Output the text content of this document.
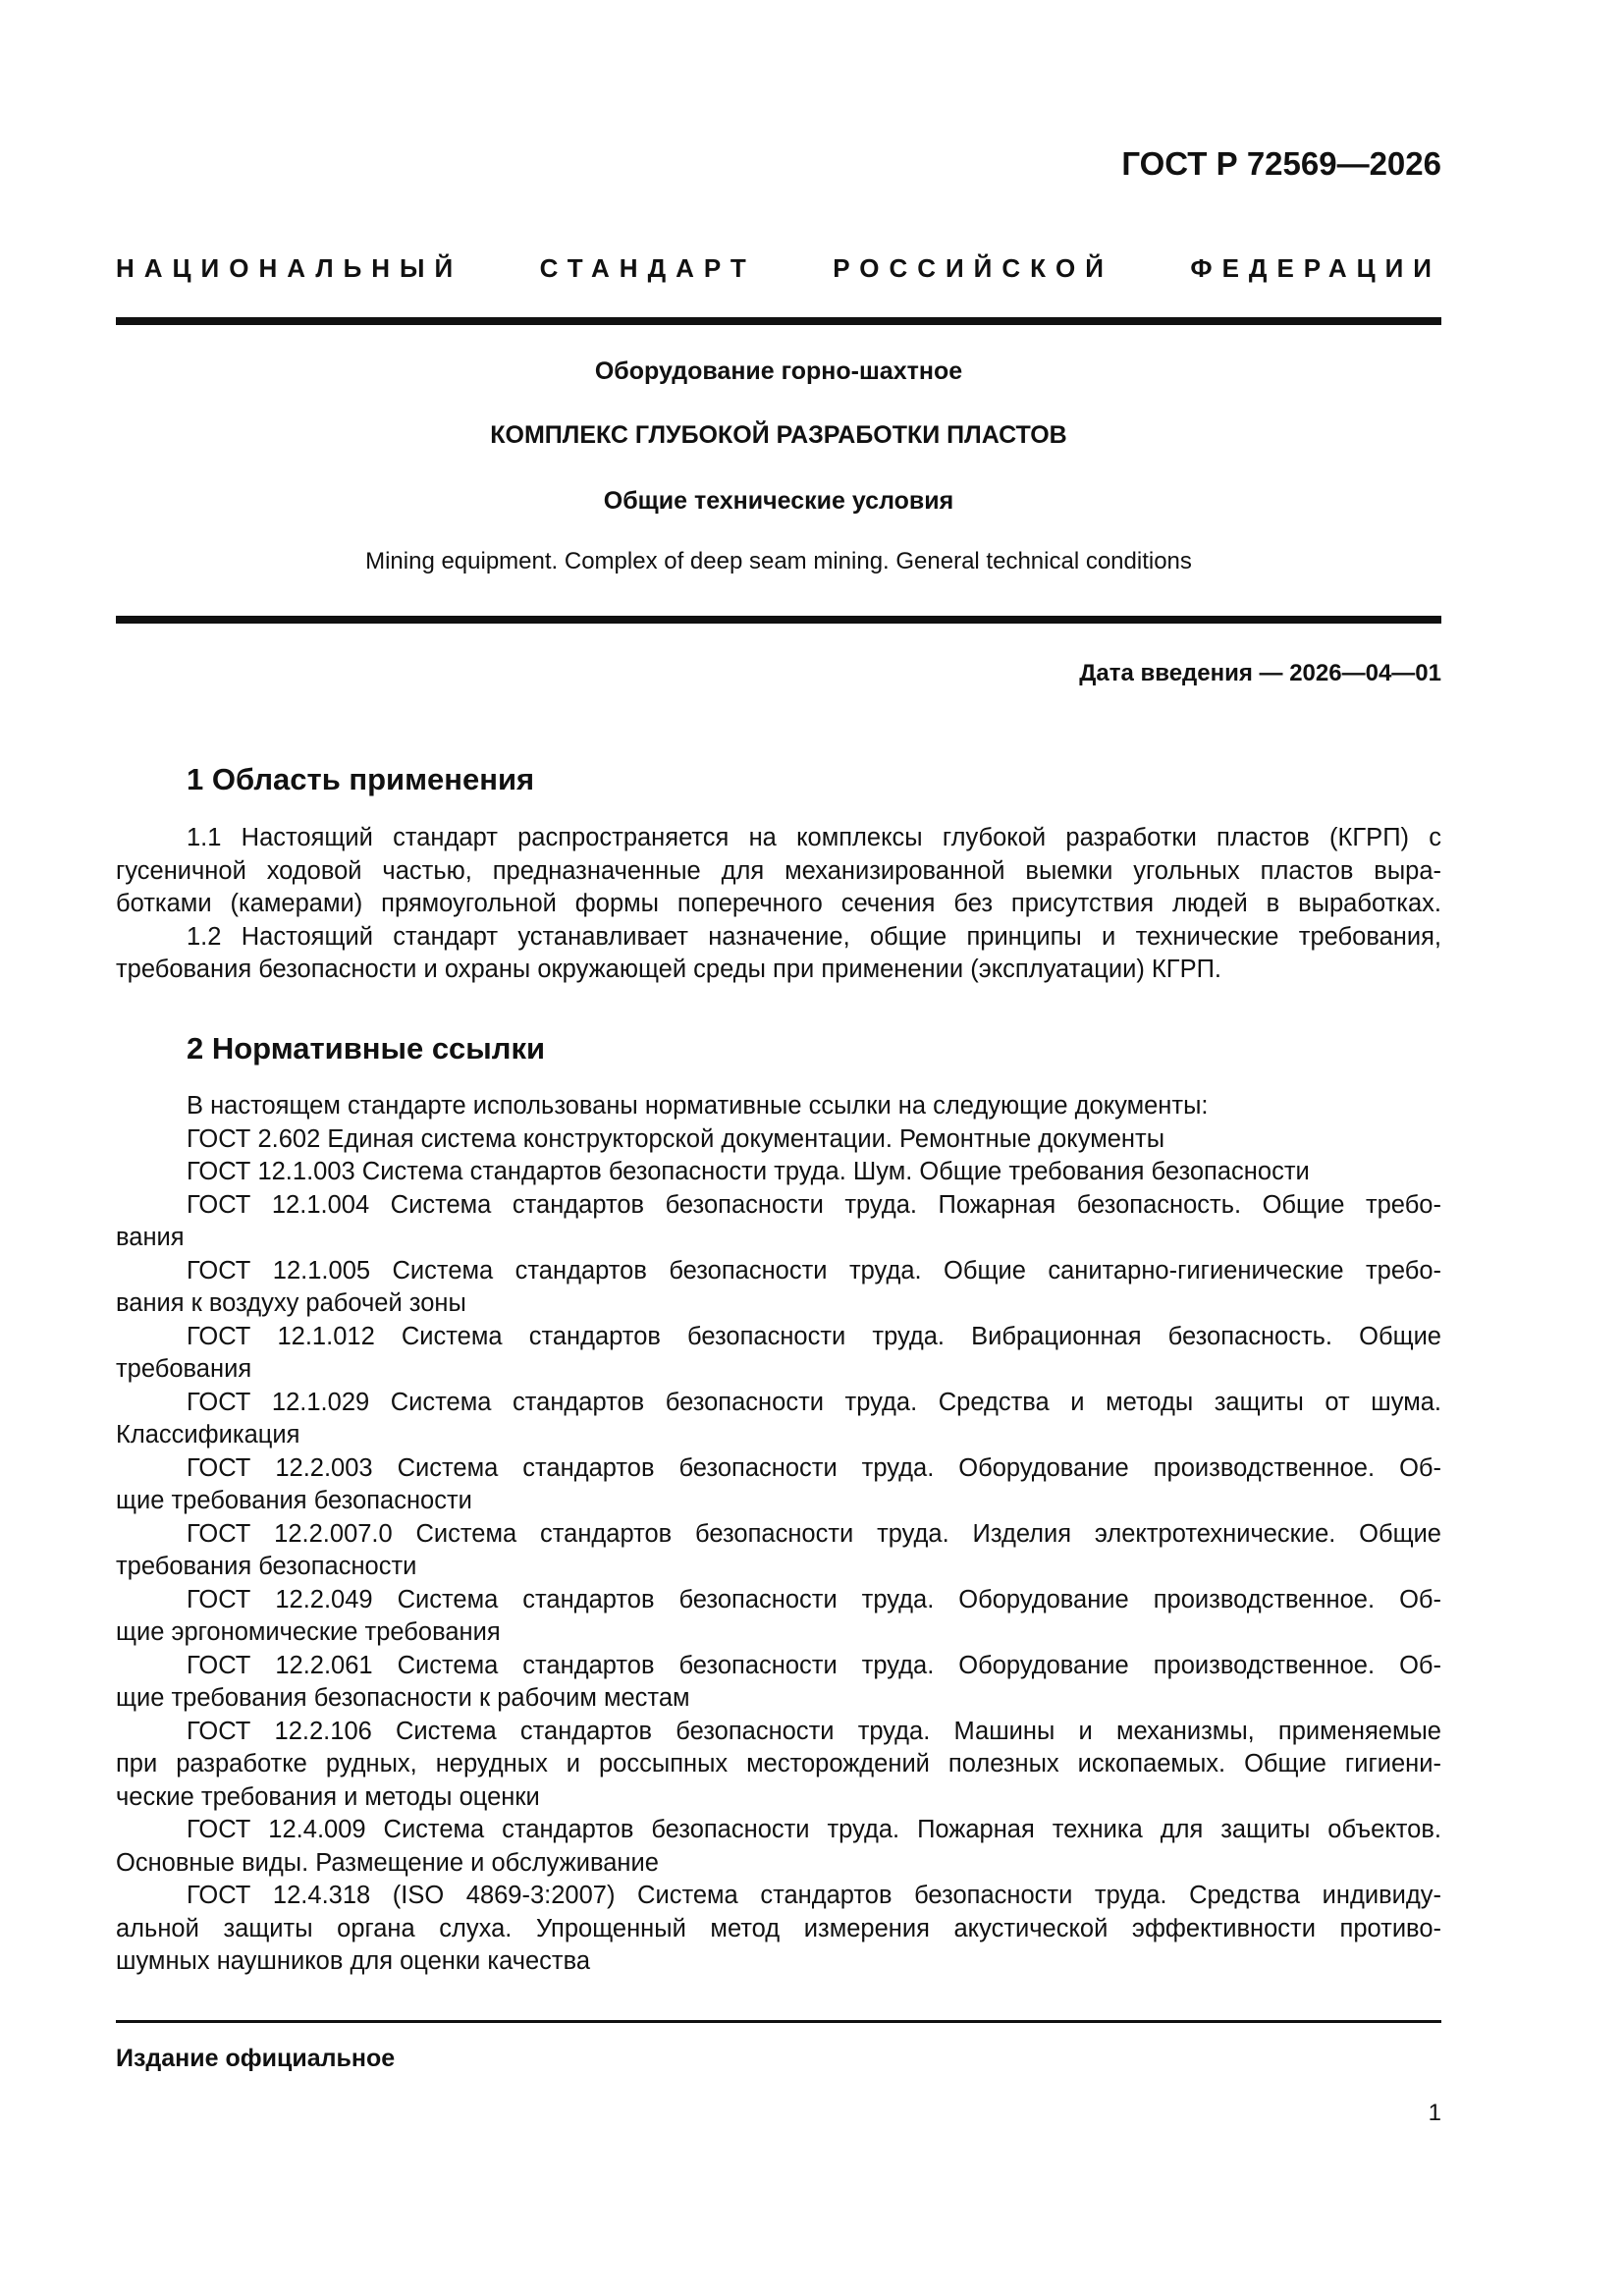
ГОСТ Р 72569—2026
НАЦИОНАЛЬНЫЙ СТАНДАРТ РОССИЙСКОЙ ФЕДЕРАЦИИ
Оборудование горно-шахтное
КОМПЛЕКС ГЛУБОКОЙ РАЗРАБОТКИ ПЛАСТОВ
Общие технические условия
Mining equipment. Complex of deep seam mining. General technical conditions
Дата введения — 2026—04—01
1 Область применения
1.1 Настоящий стандарт распространяется на комплексы глубокой разработки пластов (КГРП) с
гусеничной ходовой частью, предназначенные для механизированной выемки угольных пластов выра-
ботками (камерами) прямоугольной формы поперечного сечения без присутствия людей в выработках.
1.2 Настоящий стандарт устанавливает назначение, общие принципы и технические требования,
требования безопасности и охраны окружающей среды при применении (эксплуатации) КГРП.
2 Нормативные ссылки
В настоящем стандарте использованы нормативные ссылки на следующие документы:
ГОСТ 2.602 Единая система конструкторской документации. Ремонтные документы
ГОСТ 12.1.003 Система стандартов безопасности труда. Шум. Общие требования безопасности
ГОСТ 12.1.004 Система стандартов безопасности труда. Пожарная безопасность. Общие требо-
вания
ГОСТ 12.1.005 Система стандартов безопасности труда. Общие санитарно-гигиенические требо-
вания к воздуху рабочей зоны
ГОСТ 12.1.012 Система стандартов безопасности труда. Вибрационная безопасность. Общие
требования
ГОСТ 12.1.029 Система стандартов безопасности труда. Средства и методы защиты от шума.
Классификация
ГОСТ 12.2.003 Система стандартов безопасности труда. Оборудование производственное. Об-
щие требования безопасности
ГОСТ 12.2.007.0 Система стандартов безопасности труда. Изделия электротехнические. Общие
требования безопасности
ГОСТ 12.2.049 Система стандартов безопасности труда. Оборудование производственное. Об-
щие эргономические требования
ГОСТ 12.2.061 Система стандартов безопасности труда. Оборудование производственное. Об-
щие требования безопасности к рабочим местам
ГОСТ 12.2.106 Система стандартов безопасности труда. Машины и механизмы, применяемые
при разработке рудных, нерудных и россыпных месторождений полезных ископаемых. Общие гигиени-
ческие требования и методы оценки
ГОСТ 12.4.009 Система стандартов безопасности труда. Пожарная техника для защиты объектов.
Основные виды. Размещение и обслуживание
ГОСТ 12.4.318 (ISO 4869-3:2007) Система стандартов безопасности труда. Средства индивиду-
альной защиты органа слуха. Упрощенный метод измерения акустической эффективности противо-
шумных наушников для оценки качества
Издание официальное
1
